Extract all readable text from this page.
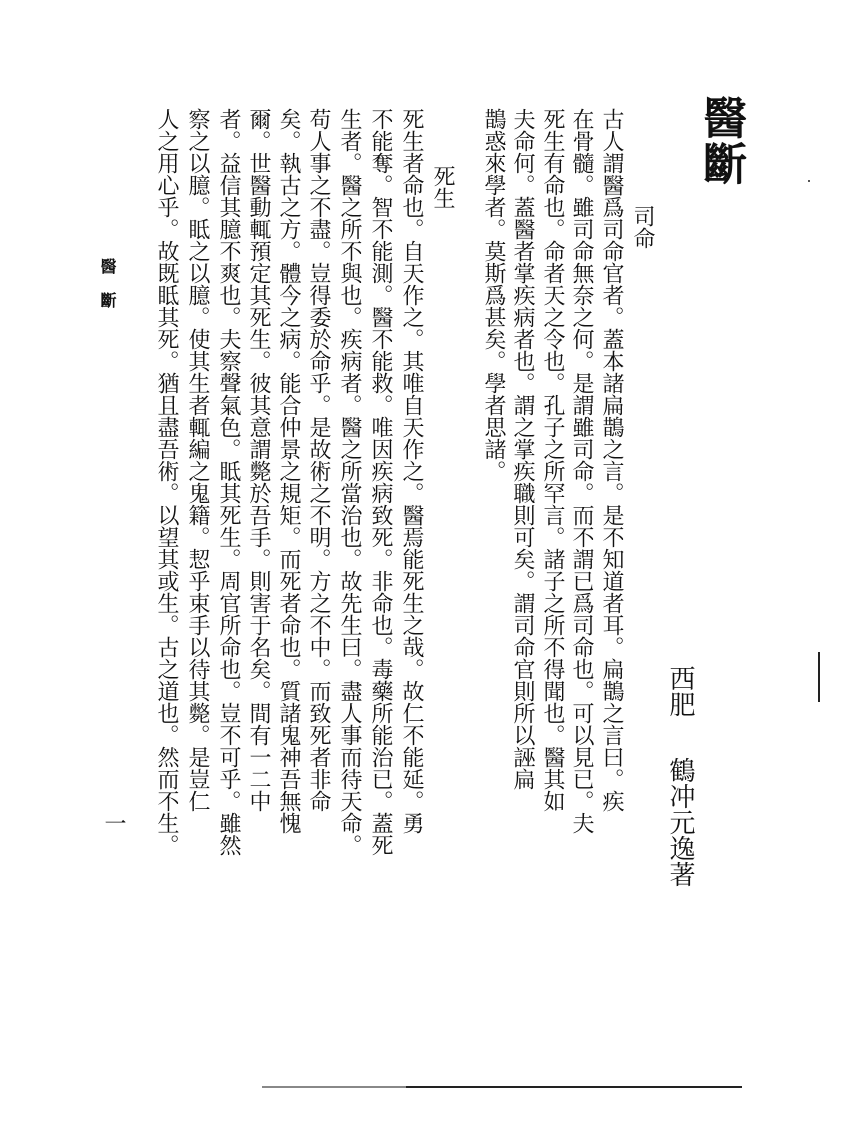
醫斷
西肥鶴冲元逸著
司命
古人謂醫爲司命官者。蓋本諸扁鵲之言。是不知道者耳。扁鵲之言曰。疾
在骨髓。雖司命無奈之何。是謂雖司命。而不謂已爲司命也。可以見已。夫
死生有命也。命者天之令也。孔子之所罕言。諸子之所不得聞也。醫其如
夫命何。蓋醫者掌疾病者也。謂之掌疾職則可矣。謂司命官則所以誣扁
鵲惑來學者。莫斯爲甚矣。學者思諸。
死生
死生者命也。自天作之。其唯自天作之。醫焉能死生之哉。故仁不能延。勇
不能奪。智不能測。醫不能救。唯因疾病致死。非命也。毒藥所能治已。蓋死
生者。醫之所不與也。疾病者。醫之所當治也。故先生曰。盡人事而待天命。
苟人事之不盡。豈得委於命乎。是故術之不明。方之不中。而致死者非命
矣。執古之方。體今之病。能合仲景之規矩。而死者命也。質諸鬼神吾無愧
爾。世醫動輒預定其死生。彼其意謂斃於吾手。則害于名矣。間有一二中
者。益信其臆不爽也。夫察聲氣色。眡其死生。周官所命也。豈不可乎。雖然
察之以臆。眡之以臆。使其生者輒編之鬼籍。恝乎束手以待其斃。是豈仁
人之用心乎。故既眡其死。猶且盡吾術。以望其或生。古之道也。然而不生。
醫斷
一
